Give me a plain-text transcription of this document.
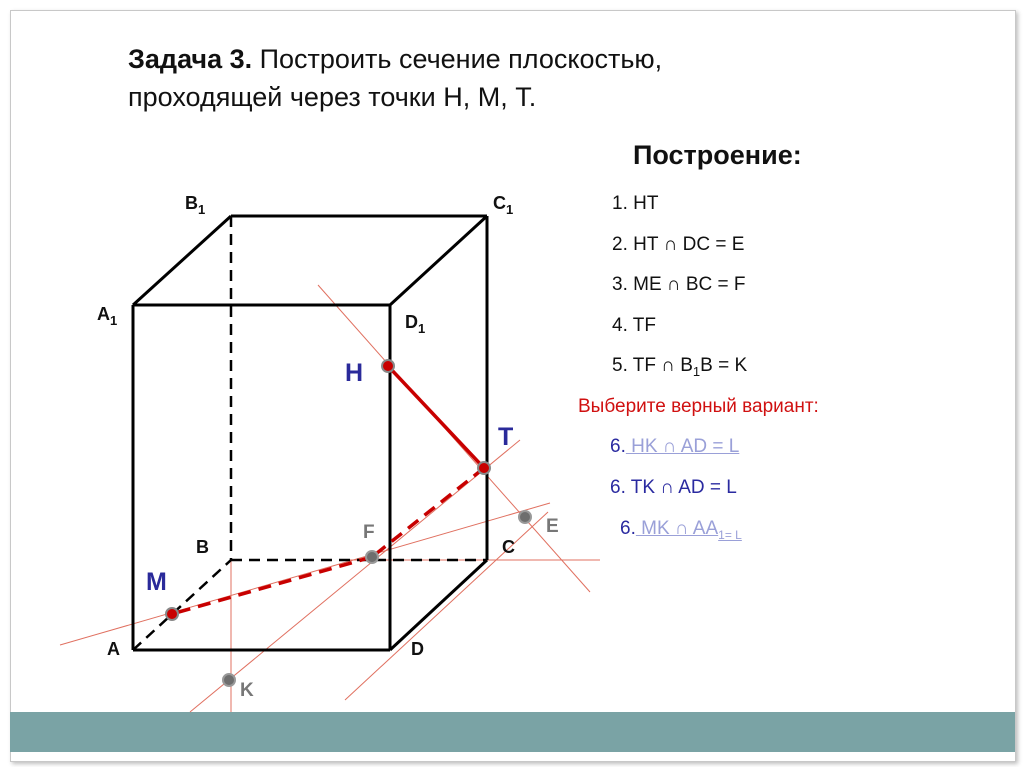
Задача 3. Построить сечение плоскостью,
проходящей через точки Н, М, Т.
Построение:
1. НТ
2. НТ ∩ DC = E
3. ME ∩ BC = F
4. TF
5. TF ∩ $B_1B = K$
Выберите верный вариант:
6. HK ∩ AD = L
6. TK ∩ AD = L
6. MK ∩ $AA_{1= L}$
$B_1$	$C_1$
$A_1$	$D_1$
B	C
A	D
H
T
M
F	E
K
